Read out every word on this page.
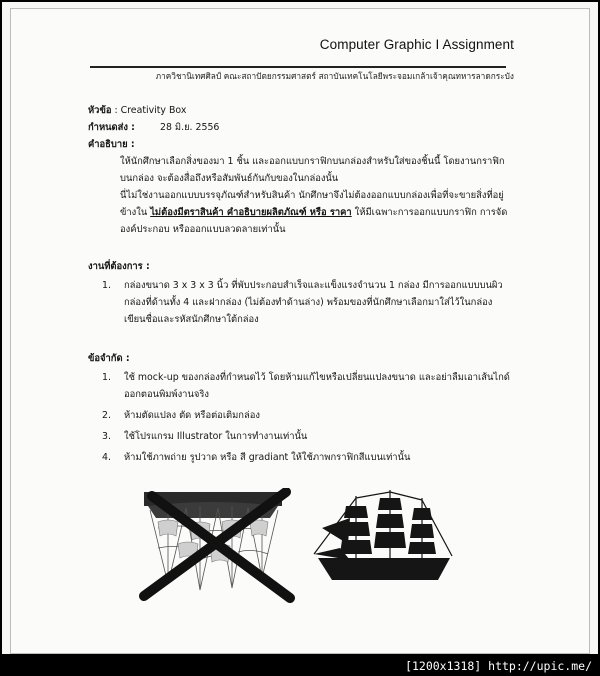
Computer Graphic I Assignment
ภาควิชานิเทศศิลป์ คณะสถาปัตยกรรมศาสตร์ สถาบันเทคโนโลยีพระจอมเกล้าเจ้าคุณทหารลาดกระบัง
หัวข้อ
: Creativity Box
กำหนดส่ง :	28 มิ.ย. 2556
คำอธิบาย :

ให้นักศึกษาเลือกสิ่งของมา 1 ชิ้น และออกแบบกราฟิกบนกล่องสำหรับใส่ของชิ้นนี้ โดยงานกราฟิก บนกล่อง จะต้องสื่อถึงหรือสัมพันธ์กันกับของในกล่องนั้น

นี่ไม่ใช่งานออกแบบบรรจุภัณฑ์สำหรับสินค้า นักศึกษาจึงไม่ต้องออกแบบกล่องเพื่อที่จะขายสิ่งที่อยู่ข้างใน ไม่ต้องมีตราสินค้า คำอธิบายผลิตภัณฑ์ หรือ ราคา ให้มีเฉพาะการออกแบบกราฟิก การจัดองค์ประกอบ หรือออกแบบลวดลายเท่านั้น

งานที่ต้องการ :
1.	กล่องขนาด 3 x 3 x 3 นิ้ว ที่พับประกอบสำเร็จและแข็งแรงจำนวน 1 กล่อง มีการออกแบบบนผิวกล่องที่ด้านทั้ง 4 และฝากล่อง (ไม่ต้องทำด้านล่าง) พร้อมของที่นักศึกษาเลือกมาใส่ไว้ในกล่อง เขียนชื่อและรหัสนักศึกษาใต้กล่อง
ข้อจำกัด :
1.	ใช้ mock-up ของกล่องที่กำหนดไว้ โดยห้ามแก้ไขหรือเปลี่ยนแปลงขนาด และอย่าลืมเอาเส้นไกด์ออกตอนพิมพ์งานจริง
2.	ห้ามตัดแปลง ตัด หรือต่อเติมกล่อง
3.	ใช้โปรแกรม Illustrator ในการทำงานเท่านั้น
4.	ห้ามใช้ภาพถ่าย รูปวาด หรือ สี gradiant ให้ใช้ภาพกราฟิกสีแบนเท่านั้น
[1200x1318] http://upic.me/
